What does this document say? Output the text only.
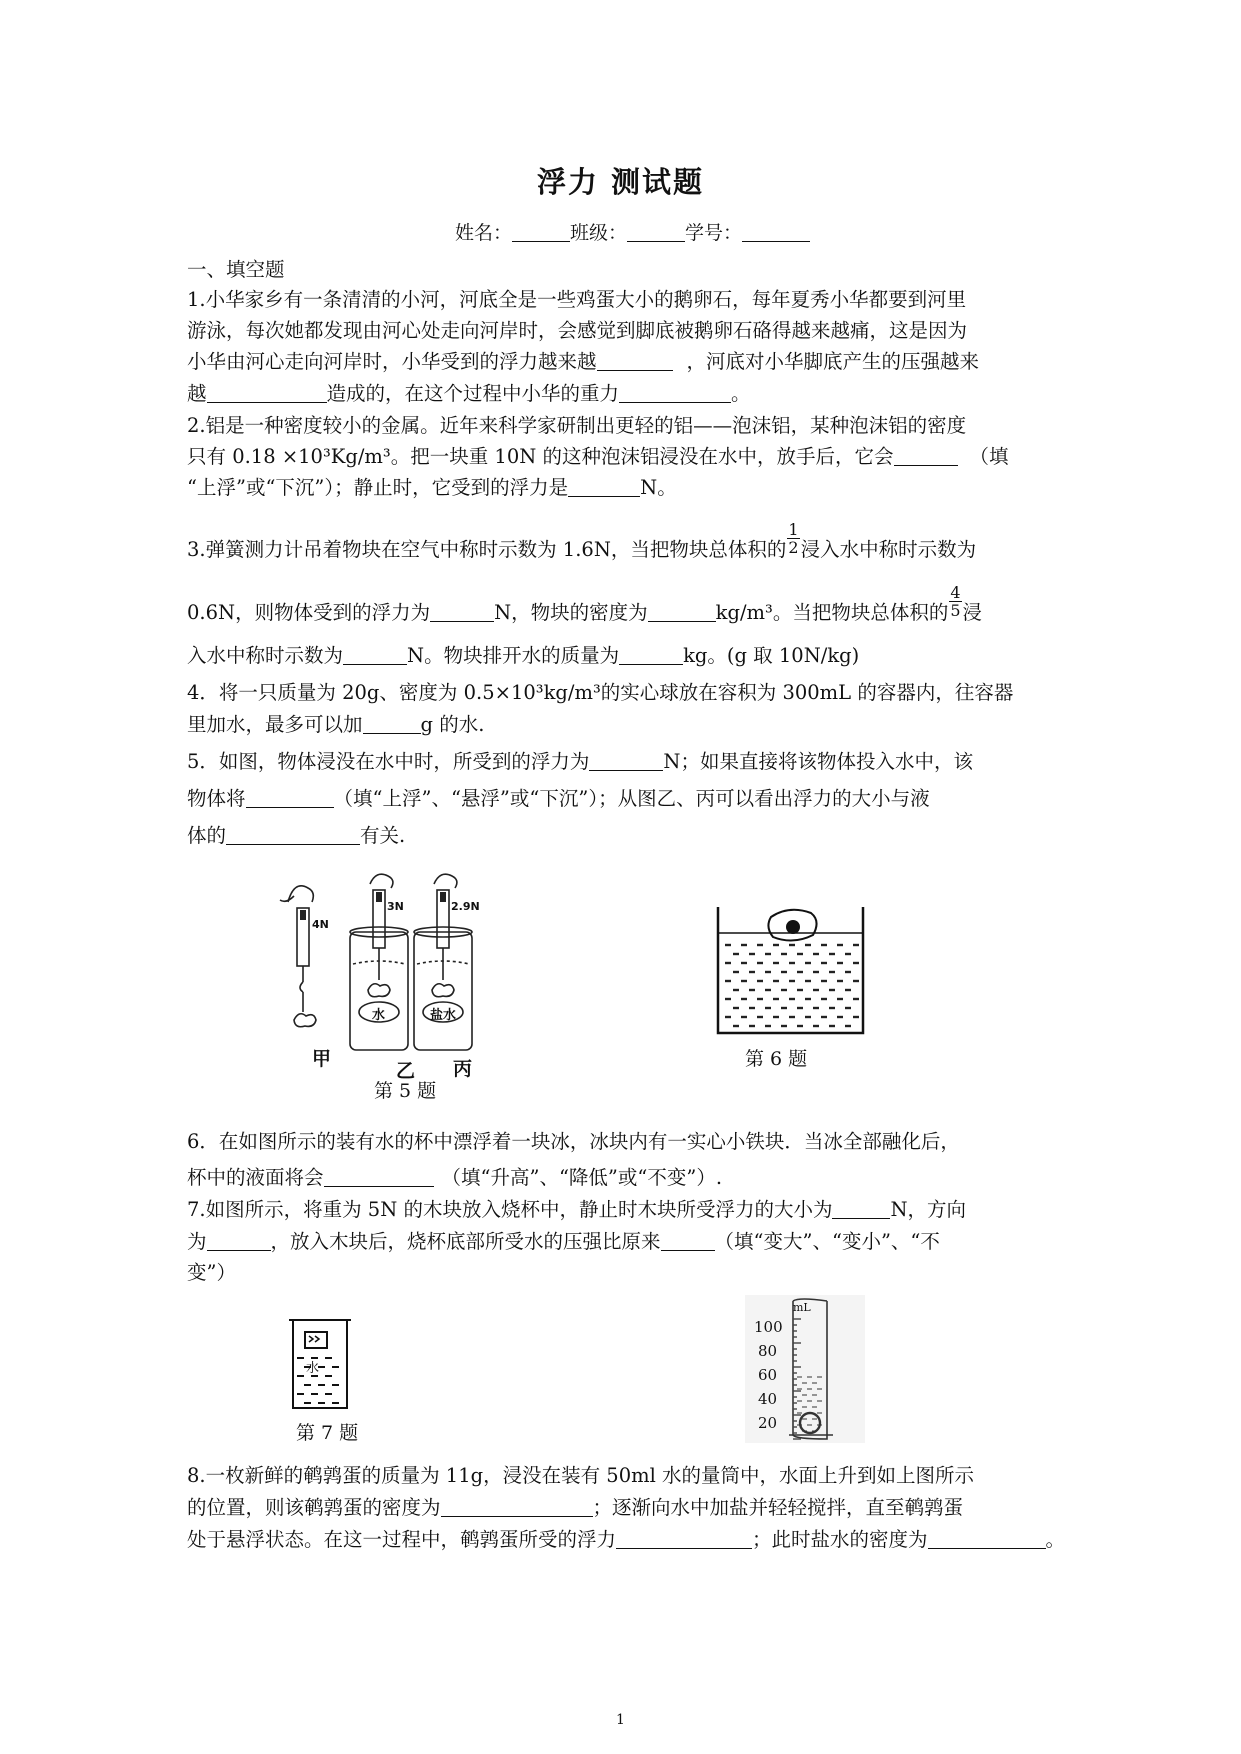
浮力 测试题
姓名：	班级：	学号：
一、填空题
1.小华家乡有一条清清的小河，河底全是一些鸡蛋大小的鹅卵石，每年夏秀小华都要到河里
游泳，每次她都发现由河心处走向河岸时，会感觉到脚底被鹅卵石硌得越来越痛，这是因为
小华由河心走向河岸时，小华受到的浮力越来越	，河底对小华脚底产生的压强越来
越	造成的，在这个过程中小华的重力	。
2.铝是一种密度较小的金属。近年来科学家研制出更轻的铝——泡沫铝，某种泡沫铝的密度
只有 0.18 ×10³Kg/m³。把一块重 10N 的这种泡沫铝浸没在水中，放手后，它会	（填
“上浮”或“下沉”）；静止时，它受到的浮力是	N。
3.弹簧测力计吊着物块在空气中称时示数为 1.6N，当把物块总体积的 $\frac{1}{2}$ 浸入水中称时示数为
0.6N，则物体受到的浮力为	N，物块的密度为	kg/m³。当把物块总体积的 $\frac{4}{5}$ 浸
入水中称时示数为	N。物块排开水的质量为	kg。(g 取 10N/kg)
4．将一只质量为 20g、密度为 0.5×10³kg/m³的实心球放在容积为 300mL 的容器内，往容器
里加水，最多可以加	g 的水.
5．如图，物体浸没在水中时，所受到的浮力为	N；如果直接将该物体投入水中，该
物体将	（填“上浮”、“悬浮”或“下沉”）；从图乙、丙可以看出浮力的大小与液
体的	有关.
4N
3N	2.9N
水	盐水
甲
乙 丙
第 5 题
第 6 题
6．在如图所示的装有水的杯中漂浮着一块冰，冰块内有一实心小铁块．当冰全部融化后，
杯中的液面将会	（填“升高”、“降低”或“不变”）.
7.如图所示，将重为 5N 的木块放入烧杯中，静止时木块所受浮力的大小为	N，方向
为	，放入木块后，烧杯底部所受水的压强比原来	（填“变大”、“变小”、“不
变”）
水
第 7 题
mL
100
80
60
40
20
8.一枚新鲜的鹌鹑蛋的质量为 11g，浸没在装有 50ml 水的量筒中，水面上升到如上图所示
的位置，则该鹌鹑蛋的密度为	；逐渐向水中加盐并轻轻搅拌，直至鹌鹑蛋
处于悬浮状态。在这一过程中，鹌鹑蛋所受的浮力	；此时盐水的密度为	。
1
